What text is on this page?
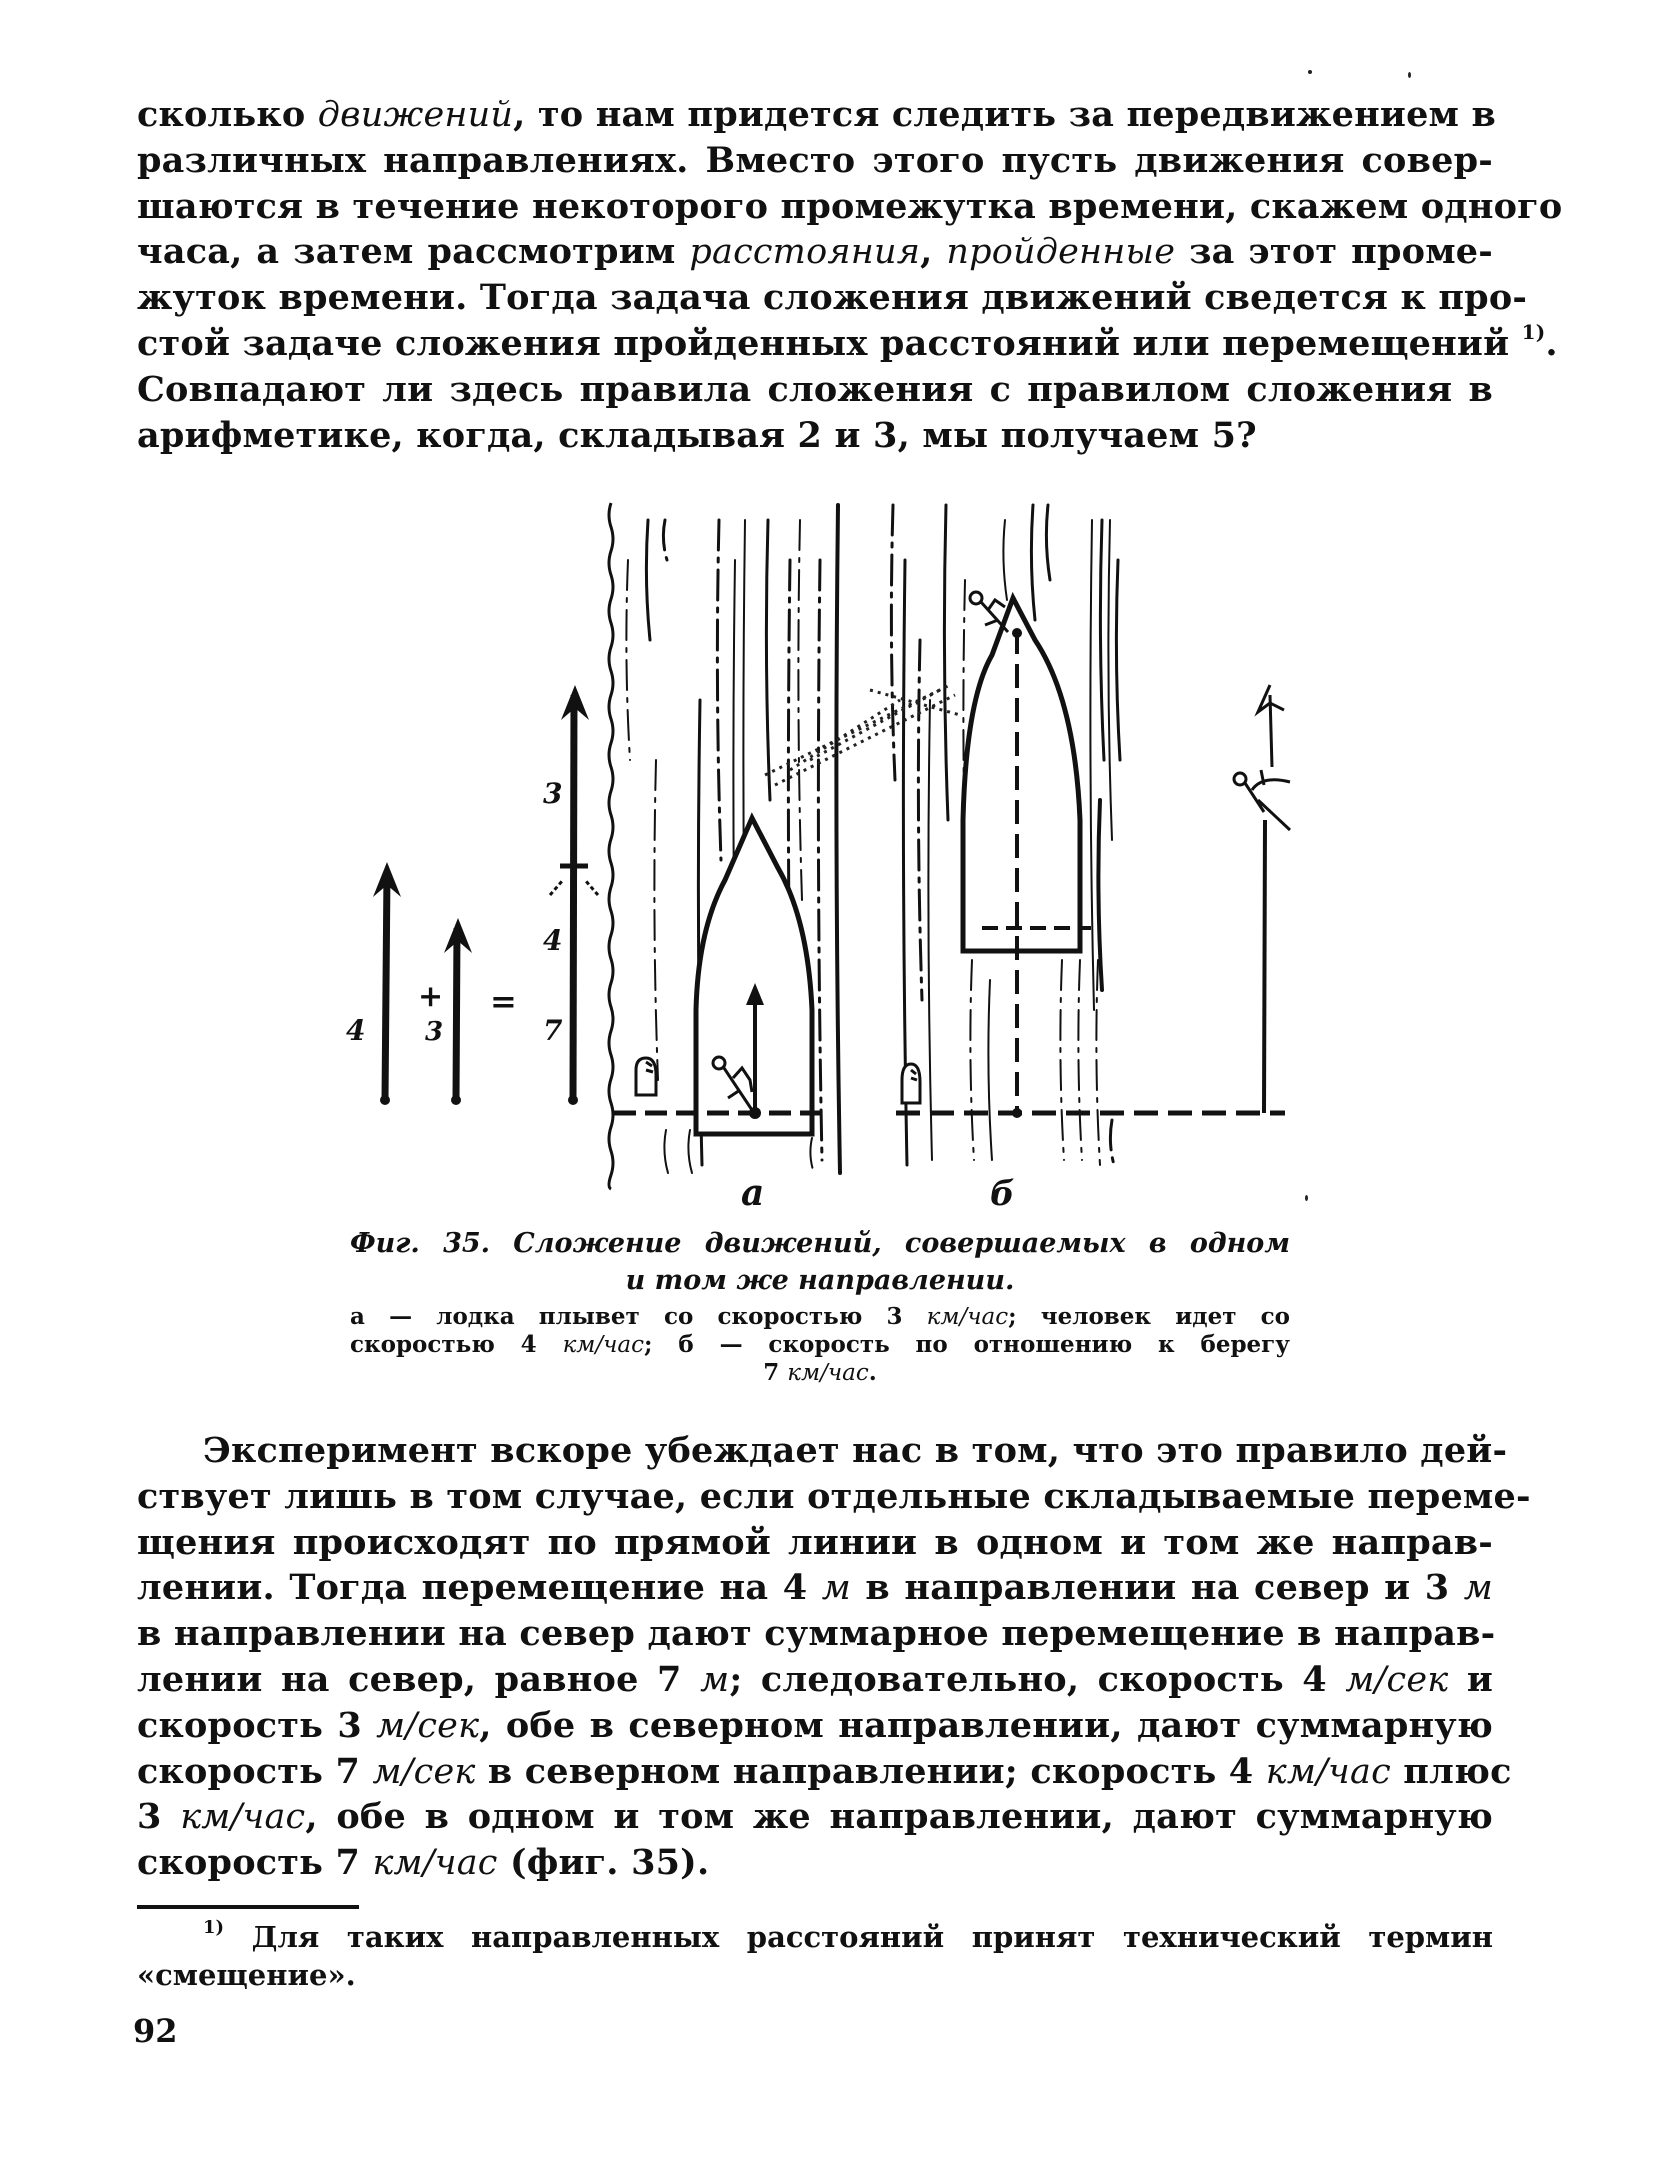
сколько движений, то нам придется следить за передвижением в
различных направлениях. Вместо этого пусть движения совер-
шаются в течение некоторого промежутка времени, скажем одного
часа, а затем рассмотрим расстояния, пройденные за этот проме-
жуток времени. Тогда задача сложения движений сведется к про-
стой задаче сложения пройденных расстояний или перемещений $^{1)}$.
Совпадают ли здесь правила сложения с правилом сложения в
арифметике, когда, складывая 2 и 3, мы получаем 5?
4
+
3
=
3
4
7
а	б
Фиг. 35. Сложение движений, совершаемых в одном
и том же направлении.
а — лодка плывет со скоростью 3 км/час; человек идет со
скоростью 4 км/час; б — скорость по отношению к берегу
7 км/час.
Эксперимент вскоре убеждает нас в том, что это правило дей-
ствует лишь в том случае, если отдельные складываемые переме-
щения происходят по прямой линии в одном и том же направ-
лении. Тогда перемещение на 4 м в направлении на север и 3 м
в направлении на север дают суммарное перемещение в направ-
лении на север, равное 7 м; следовательно, скорость 4 м/сек и
скорость 3 м/сек, обе в северном направлении, дают суммарную
скорость 7 м/сек в северном направлении; скорость 4 км/час плюс
3 км/час, обе в одном и том же направлении, дают суммарную
скорость 7 км/час (фиг. 35).
$^{1)}$ Для таких направленных расстояний принят технический термин
«смещение».
92
